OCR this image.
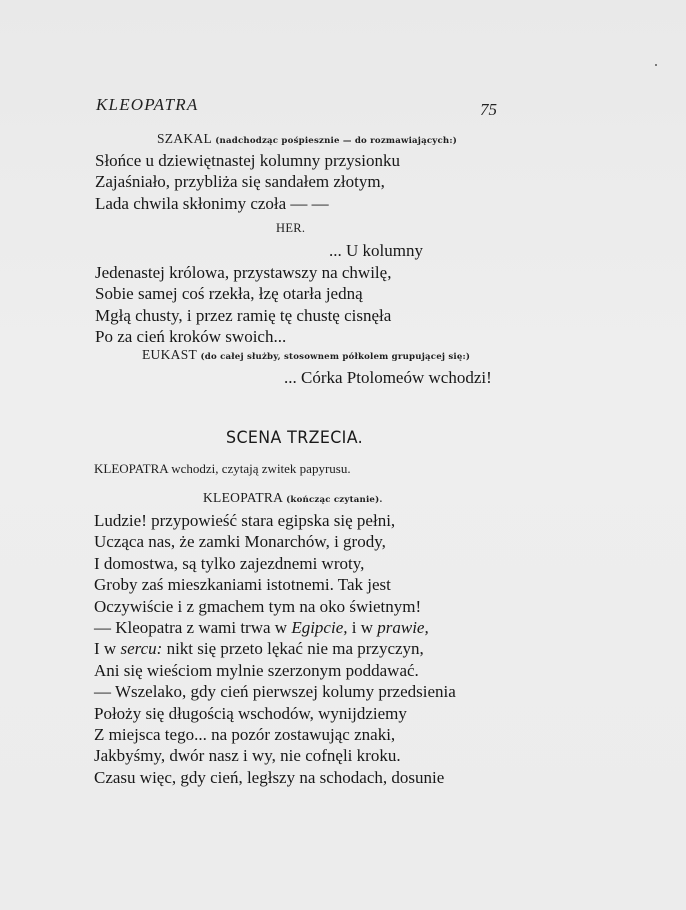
KLEOPATRA	75
SZAKAL (nadchodząc pośpiesznie — do rozmawiających:)
Słońce u dziewiętnastej kolumny przysionku
Zajaśniało, przybliża się sandałem złotym,
Lada chwila skłonimy czoła — —
HER.
... U kolumny
Jedenastej królowa, przystawszy na chwilę,
Sobie samej coś rzekła, łzę otarła jedną
Mgłą chusty, i przez ramię tę chustę cisnęła
Po za cień kroków swoich...
EUKAST (do całej służby, stosownem półkolem grupującej się:)
... Córka Ptolomeów wchodzi!
SCENA TRZECIA.
KLEOPATRA wchodzi, czytają zwitek papyrusu.
KLEOPATRA (kończąc czytanie).
Ludzie! przypowieść stara egipska się pełni,
Ucząca nas, że zamki Monarchów, i grody,
I domostwa, są tylko zajezdnemi wroty,
Groby zaś mieszkaniami istotnemi. Tak jest
Oczywiście i z gmachem tym na oko świetnym!
— Kleopatra z wami trwa w Egipcie, i w prawie,
I w sercu: nikt się przeto lękać nie ma przyczyn,
Ani się wieściom mylnie szerzonym poddawać.
— Wszelako, gdy cień pierwszej kolumy przedsienia
Położy się długością wschodów, wynijdziemy
Z miejsca tego... na pozór zostawując znaki,
Jakbyśmy, dwór nasz i wy, nie cofnęli kroku.
Czasu więc, gdy cień, ległszy na schodach, dosunie
